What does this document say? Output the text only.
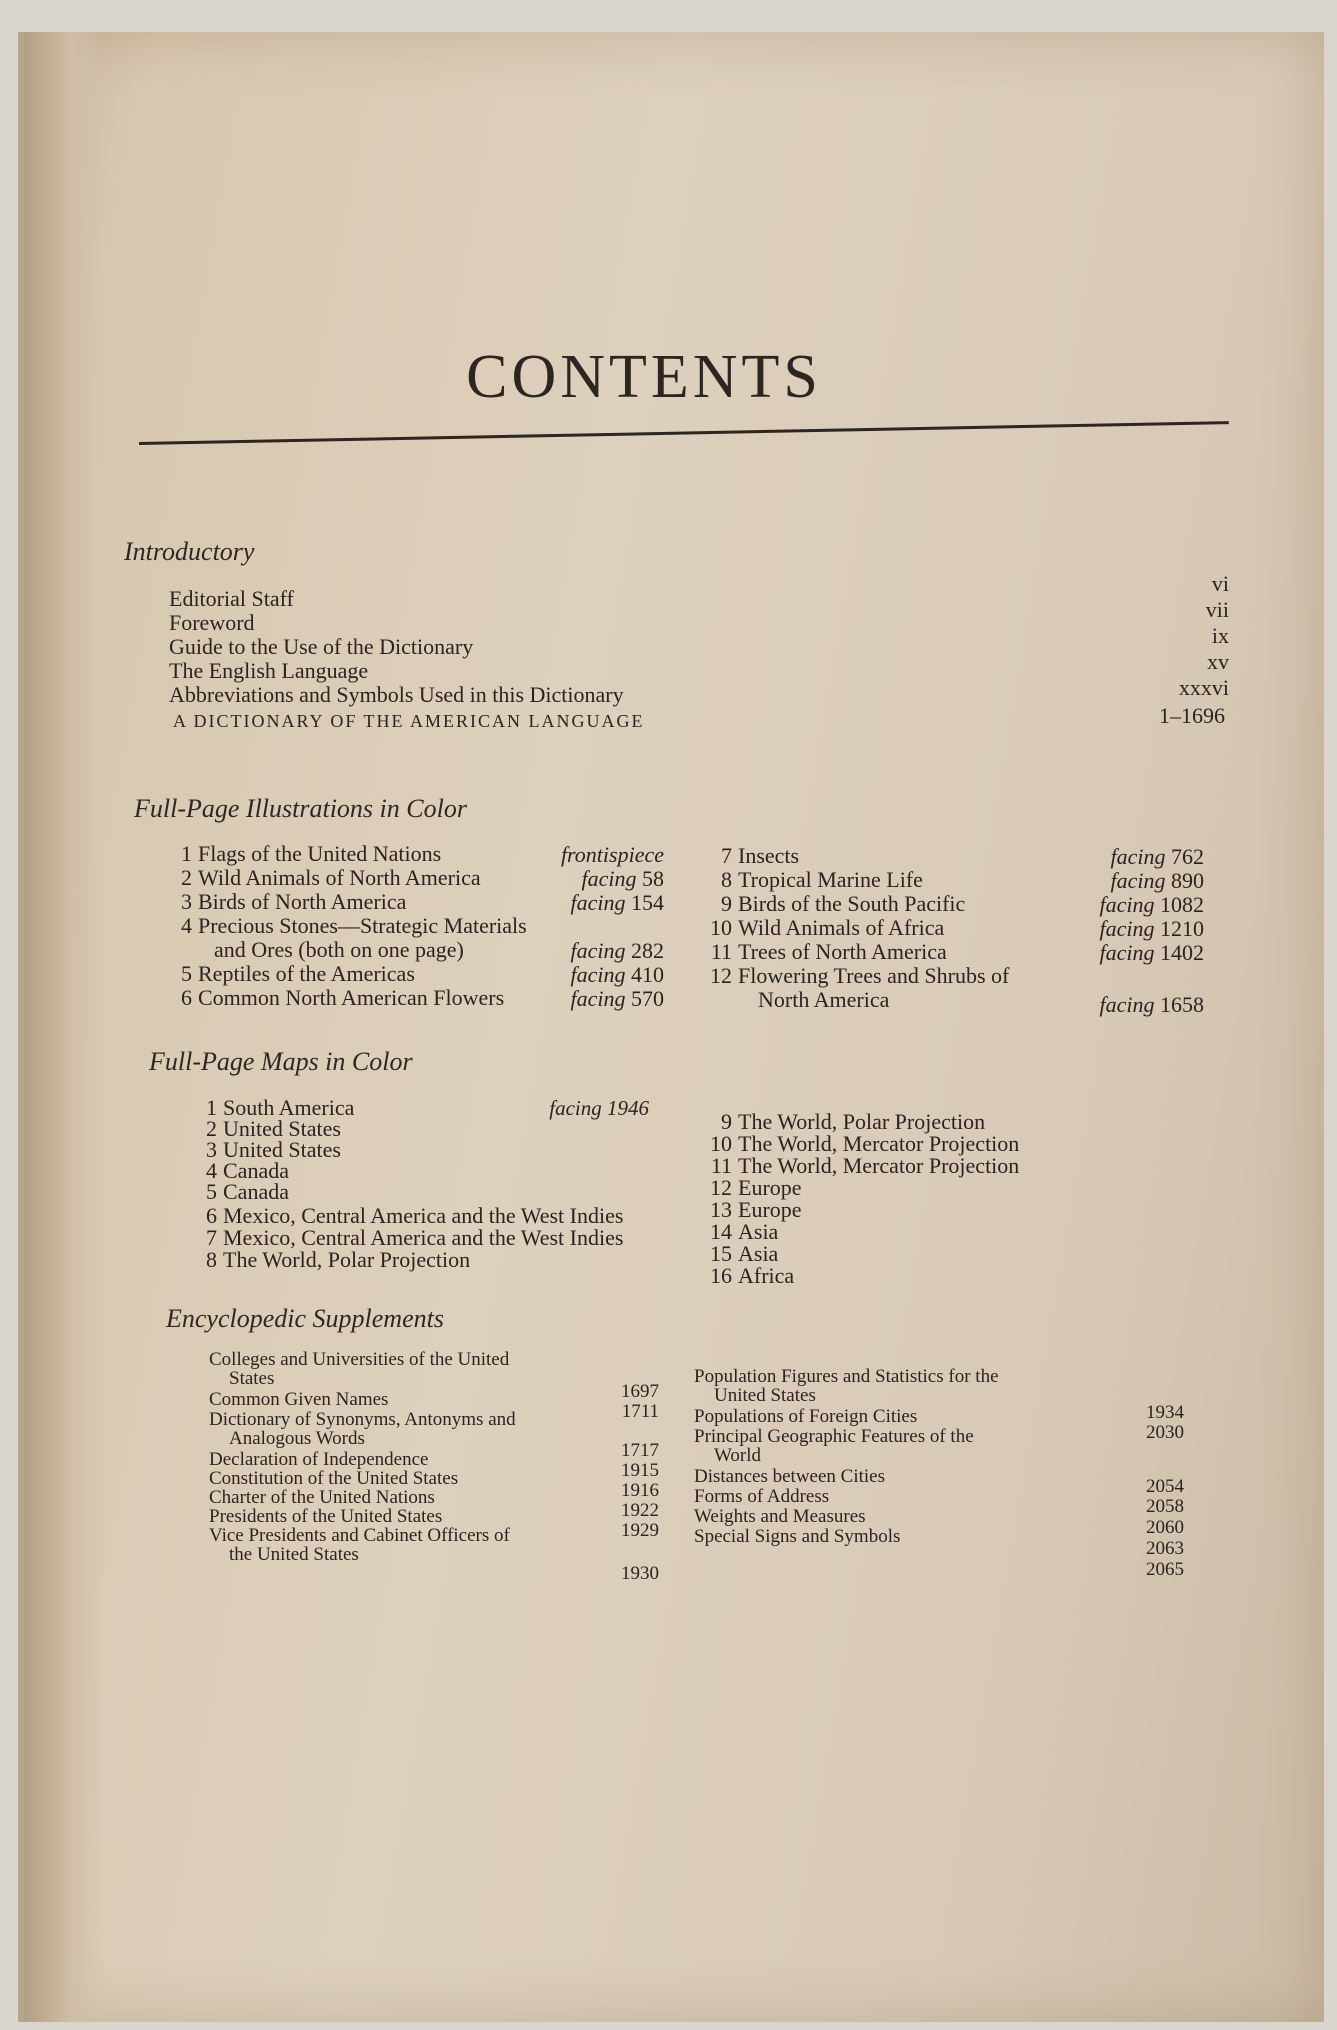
CONTENTS
Introductory
Editorial Staff
Foreword
Guide to the Use of the Dictionary
The English Language
Abbreviations and Symbols Used in this Dictionary
A DICTIONARY OF THE AMERICAN LANGUAGE
vi
vii
ix
xv
xxxvi
1–1696
Full-Page Illustrations in Color
1 Flags of the United Nations
2 Wild Animals of North America
3 Birds of North America
4 Precious Stones—Strategic Materials
and Ores (both on one page)
5 Reptiles of the Americas
6 Common North American Flowers
frontispiece
facing 58
facing 154
facing 282
facing 410
facing 570
7 Insects
8 Tropical Marine Life
9 Birds of the South Pacific
10 Wild Animals of Africa
11 Trees of North America
12 Flowering Trees and Shrubs of
North America
facing 762
facing 890
facing 1082
facing 1210
facing 1402
facing 1658
Full-Page Maps in Color
1 South America
2 United States
3 United States
4 Canada
5 Canada
6 Mexico, Central America and the West Indies
7 Mexico, Central America and the West Indies
8 The World, Polar Projection
facing 1946
9 The World, Polar Projection
10 The World, Mercator Projection
11 The World, Mercator Projection
12 Europe
13 Europe
14 Asia
15 Asia
16 Africa
Encyclopedic Supplements
Colleges and Universities of the United
States
Common Given Names
Dictionary of Synonyms, Antonyms and
Analogous Words
Declaration of Independence
Constitution of the United States
Charter of the United Nations
Presidents of the United States
Vice Presidents and Cabinet Officers of
the United States
1697
1711
1717
1915
1916
1922
1929
1930
Population Figures and Statistics for the
United States
Populations of Foreign Cities
Principal Geographic Features of the
World
Distances between Cities
Forms of Address
Weights and Measures
Special Signs and Symbols
1934
2030
2054
2058
2060
2063
2065
